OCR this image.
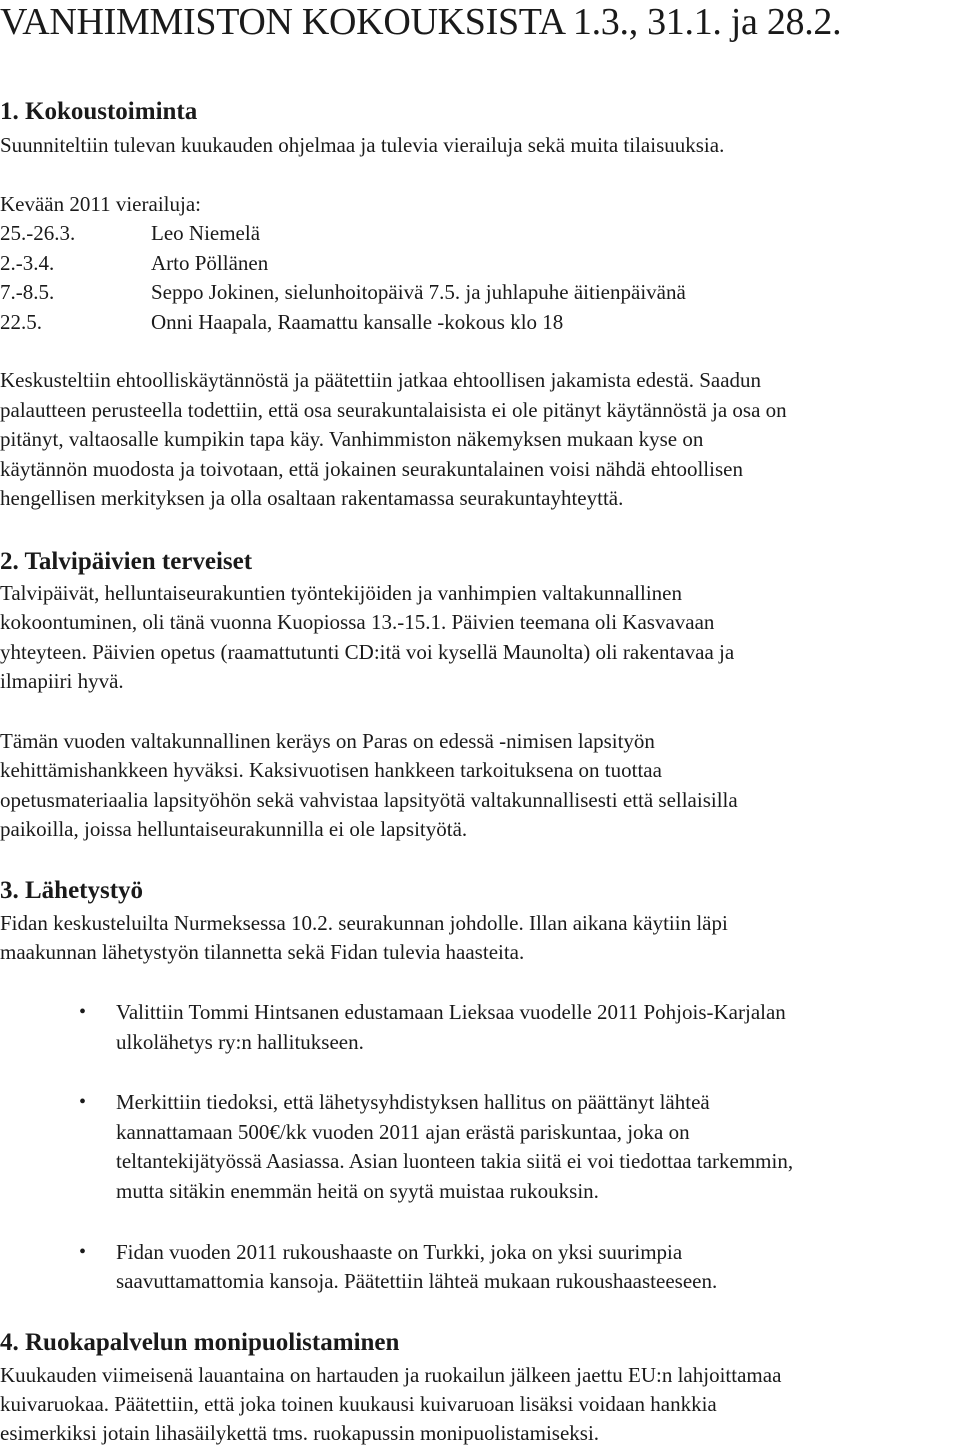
VANHIMMISTON KOKOUKSISTA 1.3., 31.1. ja 28.2.
1. Kokoustoiminta

Suunniteltiin tulevan kuukauden ohjelmaa ja tulevia vierailuja sekä muita tilaisuuksia.

Kevään 2011 vierailuja:

25.-26.3.	Leo Niemelä
2.-3.4.	Arto Pöllänen
7.-8.5.	Seppo Jokinen, sielunhoitopäivä 7.5. ja juhlapuhe äitienpäivänä
22.5.	Onni Haapala, Raamattu kansalle -kokous klo 18

Keskusteltiin ehtoolliskäytännöstä ja päätettiin jatkaa ehtoollisen jakamista edestä. Saadun

palautteen perusteella todettiin, että osa seurakuntalaisista ei ole pitänyt käytännöstä ja osa on

pitänyt, valtaosalle kumpikin tapa käy. Vanhimmiston näkemyksen mukaan kyse on

käytännön muodosta ja toivotaan, että jokainen seurakuntalainen voisi nähdä ehtoollisen

hengellisen merkityksen ja olla osaltaan rakentamassa seurakuntayhteyttä.

2. Talvipäivien terveiset

Talvipäivät, helluntaiseurakuntien työntekijöiden ja vanhimpien valtakunnallinen

kokoontuminen, oli tänä vuonna Kuopiossa 13.-15.1. Päivien teemana oli Kasvavaan

yhteyteen. Päivien opetus (raamattutunti CD:itä voi kysellä Maunolta) oli rakentavaa ja

ilmapiiri hyvä.

Tämän vuoden valtakunnallinen keräys on Paras on edessä -nimisen lapsityön

kehittämishankkeen hyväksi. Kaksivuotisen hankkeen tarkoituksena on tuottaa

opetusmateriaalia lapsityöhön sekä vahvistaa lapsityötä valtakunnallisesti että sellaisilla

paikoilla, joissa helluntaiseurakunnilla ei ole lapsityötä.

3. Lähetystyö

Fidan keskusteluilta Nurmeksessa 10.2. seurakunnan johdolle. Illan aikana käytiin läpi

maakunnan lähetystyön tilannetta sekä Fidan tulevia haasteita.

• Valittiin Tommi Hintsanen edustamaan Lieksaa vuodelle 2011 Pohjois-Karjalan

ulkolähetys ry:n hallitukseen.

• Merkittiin tiedoksi, että lähetysyhdistyksen hallitus on päättänyt lähteä

kannattamaan 500€/kk vuoden 2011 ajan erästä pariskuntaa, joka on

teltantekijätyössä Aasiassa. Asian luonteen takia siitä ei voi tiedottaa tarkemmin,

mutta sitäkin enemmän heitä on syytä muistaa rukouksin.

• Fidan vuoden 2011 rukoushaaste on Turkki, joka on yksi suurimpia

saavuttamattomia kansoja. Päätettiin lähteä mukaan rukoushaasteeseen.

4. Ruokapalvelun monipuolistaminen

Kuukauden viimeisenä lauantaina on hartauden ja ruokailun jälkeen jaettu EU:n lahjoittamaa

kuivaruokaa. Päätettiin, että joka toinen kuukausi kuivaruoan lisäksi voidaan hankkia

esimerkiksi jotain lihasäilykettä tms. ruokapussin monipuolistamiseksi.
